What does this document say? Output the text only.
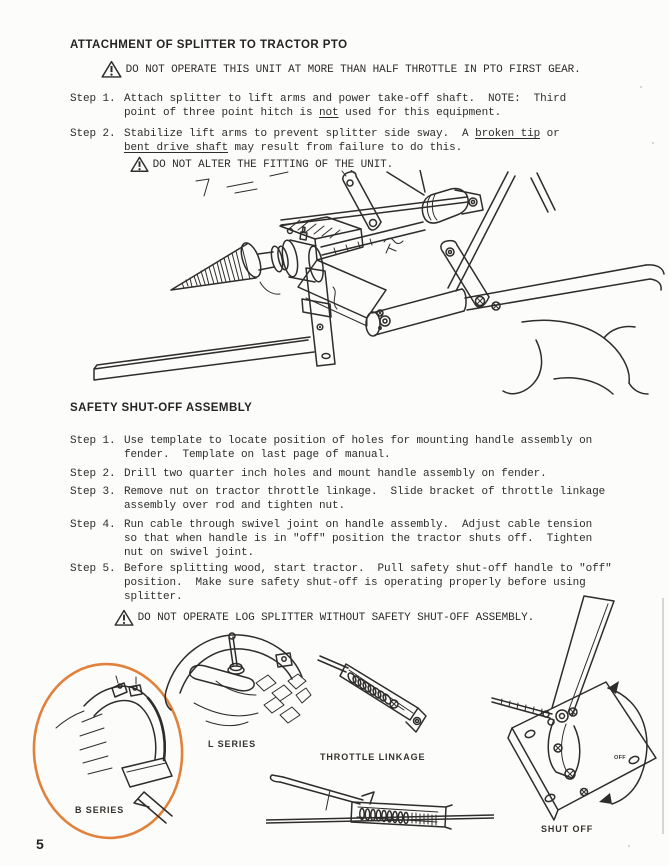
ATTACHMENT OF SPLITTER TO TRACTOR PTO

DO NOT OPERATE THIS UNIT AT MORE THAN HALF THROTTLE IN PTO FIRST GEAR.
Step 1. Attach splitter to lift arms and power take-off shaft.  NOTE:  Third
point of three point hitch is not used for this equipment.
Step 2. Stabilize lift arms to prevent splitter side sway.  A broken tip or
bent drive shaft may result from failure to do this.

DO NOT ALTER THE FITTING OF THE UNIT.
SAFETY SHUT-OFF ASSEMBLY
Step 1. Use template to locate position of holes for mounting handle assembly on
fender.  Template on last page of manual.
Step 2. Drill two quarter inch holes and mount handle assembly on fender.
Step 3. Remove nut on tractor throttle linkage.  Slide bracket of throttle linkage
assembly over rod and tighten nut.
Step 4. Run cable through swivel joint on handle assembly.  Adjust cable tension
so that when handle is in "off" position the tractor shuts off.  Tighten
nut on swivel joint.
Step 5. Before splitting wood, start tractor.  Pull safety shut-off handle to "off"
position.  Make sure safety shut-off is operating properly before using
splitter.

DO NOT OPERATE LOG SPLITTER WITHOUT SAFETY SHUT-OFF ASSEMBLY.
B SERIES
L SERIES
THROTTLE LINKAGE	OFF
SHUT OFF
5
